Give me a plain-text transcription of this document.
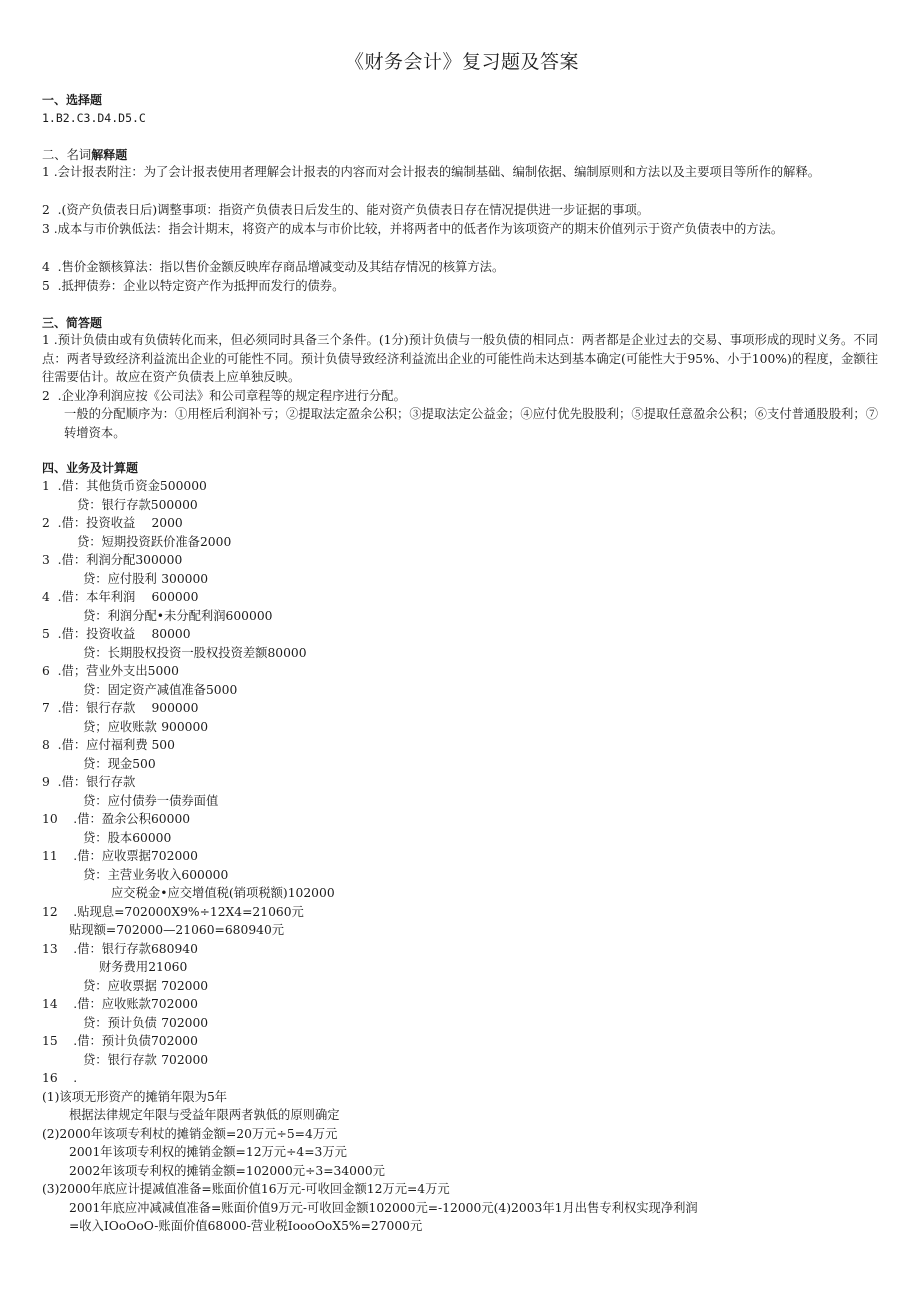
《财务会计》复习题及答案
一、选择题
1.B2.C3.D4.D5.C
二、名词解释题
1 .会计报表附注：为了会计报表使用者理解会计报表的内容而对会计报表的编制基础、编制依据、编制原则和方法以及主要项目等所作的解释。
2	.(资产负债表日后)调整事项：指资产负债表日后发生的、能对资产负债表日存在情况提供进一步证据的事项。
3 .成本与市价孰低法：指会计期末，将资产的成本与市价比较，并将两者中的低者作为该项资产的期末价值列示于资产负债表中的方法。
4	.售价金额核算法：指以售价金额反映库存商品增减变动及其结存情况的核算方法。
5	.抵押债券：企业以特定资产作为抵押而发行的债券。
三、简答题
1 .预计负债由或有负债转化而来，但必须同时具备三个条件。(1分)预计负债与一般负债的相同点：两者都是企业过去的交易、事项形成的现时义务。不同点：两者导致经济利益流出企业的可能性不同。预计负债导致经济利益流出企业的可能性尚未达到基本确定(可能性大于95%、小于100%)的程度，金额往往需要估计。故应在资产负债表上应单独反映。
2	.企业净利润应按《公司法》和公司章程等的规定程序进行分配。
一般的分配顺序为：①用桎后利润补亏；②提取法定盈余公积；③提取法定公益金；④应付优先股股利；⑤提取任意盈余公积；⑥支付普通股股利；⑦转增资本。
四、业务及计算题
1	.借：其他货币资金500000
贷：银行存款500000
2	.借：投资收益	2000
贷：短期投资跃价准备2000
3	.借：利润分配300000
贷：应付股利	300000
4	.借：本年利润	600000
贷：利润分配•未分配利润600000
5	.借：投资收益	80000
贷：长期股权投资一股权投资差额80000
6	.借；营业外支出5000
贷：固定资产减值准备5000
7	.借：银行存款	900000
贷；应收账款	900000
8	.借：应付福利费	500
贷：现金500
9	.借：银行存款
贷：应付债券一债券面值
10	.借：盈余公积60000
贷：股本60000
11	.借：应收票据702000
贷：主营业务收入600000
应交税金•应交增值税(销项税额)102000
12	.贴现息=702000X9%÷12X4=21060元
贴现额=702000—21060=680940元
13	.借：银行存款680940
财务费用21060
贷：应收票据	702000
14	.借：应收账款702000
贷：预计负债	702000
15	.借：预计负债702000
贷：银行存款	702000
16	.
(1)该项无形资产的摊销年限为5年
根据法律规定年限与受益年限两者孰低的原则确定
(2)2000年该项专利杖的摊销金额=20万元÷5=4万元
2001年该项专利权的摊销金额=12万元÷4=3万元
2002年该项专利权的摊销金额=102000元÷3=34000元
(3)2000年底应计提减值准备=账面价值16万元-可收回金额12万元=4万元
2001年底应冲减减值准备=账面价值9万元-可收回金额102000元=-12000元(4)2003年1月出售专利权实现净利润
=收入IOoOoO-账面价值68000-营业税IoooOoX5%=27000元
